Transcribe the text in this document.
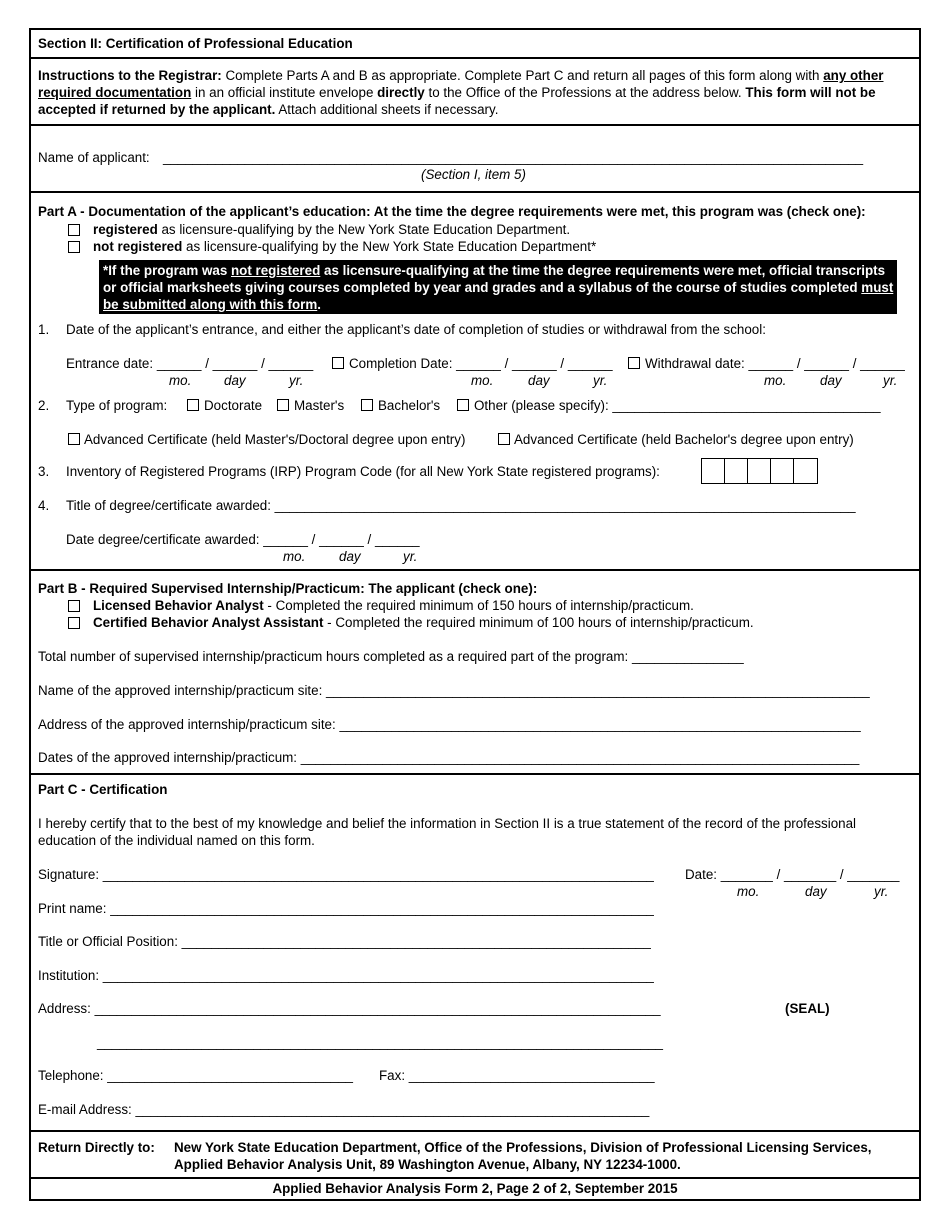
Section II: Certification of Professional Education
Instructions to the Registrar: Complete Parts A and B as appropriate. Complete Part C and return all pages of this form along with any other required documentation in an official institute envelope directly to the Office of the Professions at the address below. This form will not be accepted if returned by the applicant. Attach additional sheets if necessary.
Name of applicant: ______________________________________________________________________________________________
(Section I, item 5)
Part A - Documentation of the applicant’s education: At the time the degree requirements were met, this program was (check one):
registered as licensure-qualifying by the New York State Education Department.
not registered as licensure-qualifying by the New York State Education Department*
*If the program was not registered as licensure-qualifying at the time the degree requirements were met, official transcripts or official marksheets giving courses completed by year and grades and a syllabus of the course of studies completed must be submitted along with this form.
1. Date of the applicant’s entrance, and either the applicant’s date of completion of studies or withdrawal from the school:
Entrance date: ______ / ______ / ______	Completion Date: ______ / ______ / ______ Withdrawal date: ______ / ______ / ______
mo. day	yr.	mo.	day	yr.	mo.	day	yr.
2. Type of program:	Doctorate Master's	Bachelor's	Other (please specify): ____________________________________
Advanced Certificate (held Master's/Doctoral degree upon entry)	Advanced Certificate (held Bachelor's degree upon entry)
3. Inventory of Registered Programs (IRP) Program Code (for all New York State registered programs):
4. Title of degree/certificate awarded: ______________________________________________________________________________
Date degree/certificate awarded: ______ / ______ / ______
mo.	day	yr.
Part B - Required Supervised Internship/Practicum: The applicant (check one):
Licensed Behavior Analyst - Completed the required minimum of 150 hours of internship/practicum.
Certified Behavior Analyst Assistant - Completed the required minimum of 100 hours of internship/practicum.
Total number of supervised internship/practicum hours completed as a required part of the program: _______________
Name of the approved internship/practicum site: _________________________________________________________________________
Address of the approved internship/practicum site: ______________________________________________________________________
Dates of the approved internship/practicum: ___________________________________________________________________________
Part C - Certification
I hereby certify that to the best of my knowledge and belief the information in Section II is a true statement of the record of the professional education of the individual named on this form.
Signature: __________________________________________________________________________ Date: _______ / _______ / _______
mo.	day	yr.
Print name: _________________________________________________________________________
Title or Official Position: _______________________________________________________________
Institution: __________________________________________________________________________
Address: ____________________________________________________________________________	(SEAL)
____________________________________________________________________________
Telephone: _________________________________ Fax: _________________________________
E-mail Address: _____________________________________________________________________
Return Directly to: New York State Education Department, Office of the Professions, Division of Professional Licensing Services,
Applied Behavior Analysis Unit, 89 Washington Avenue, Albany, NY 12234-1000.
Applied Behavior Analysis Form 2, Page 2 of 2, September 2015
